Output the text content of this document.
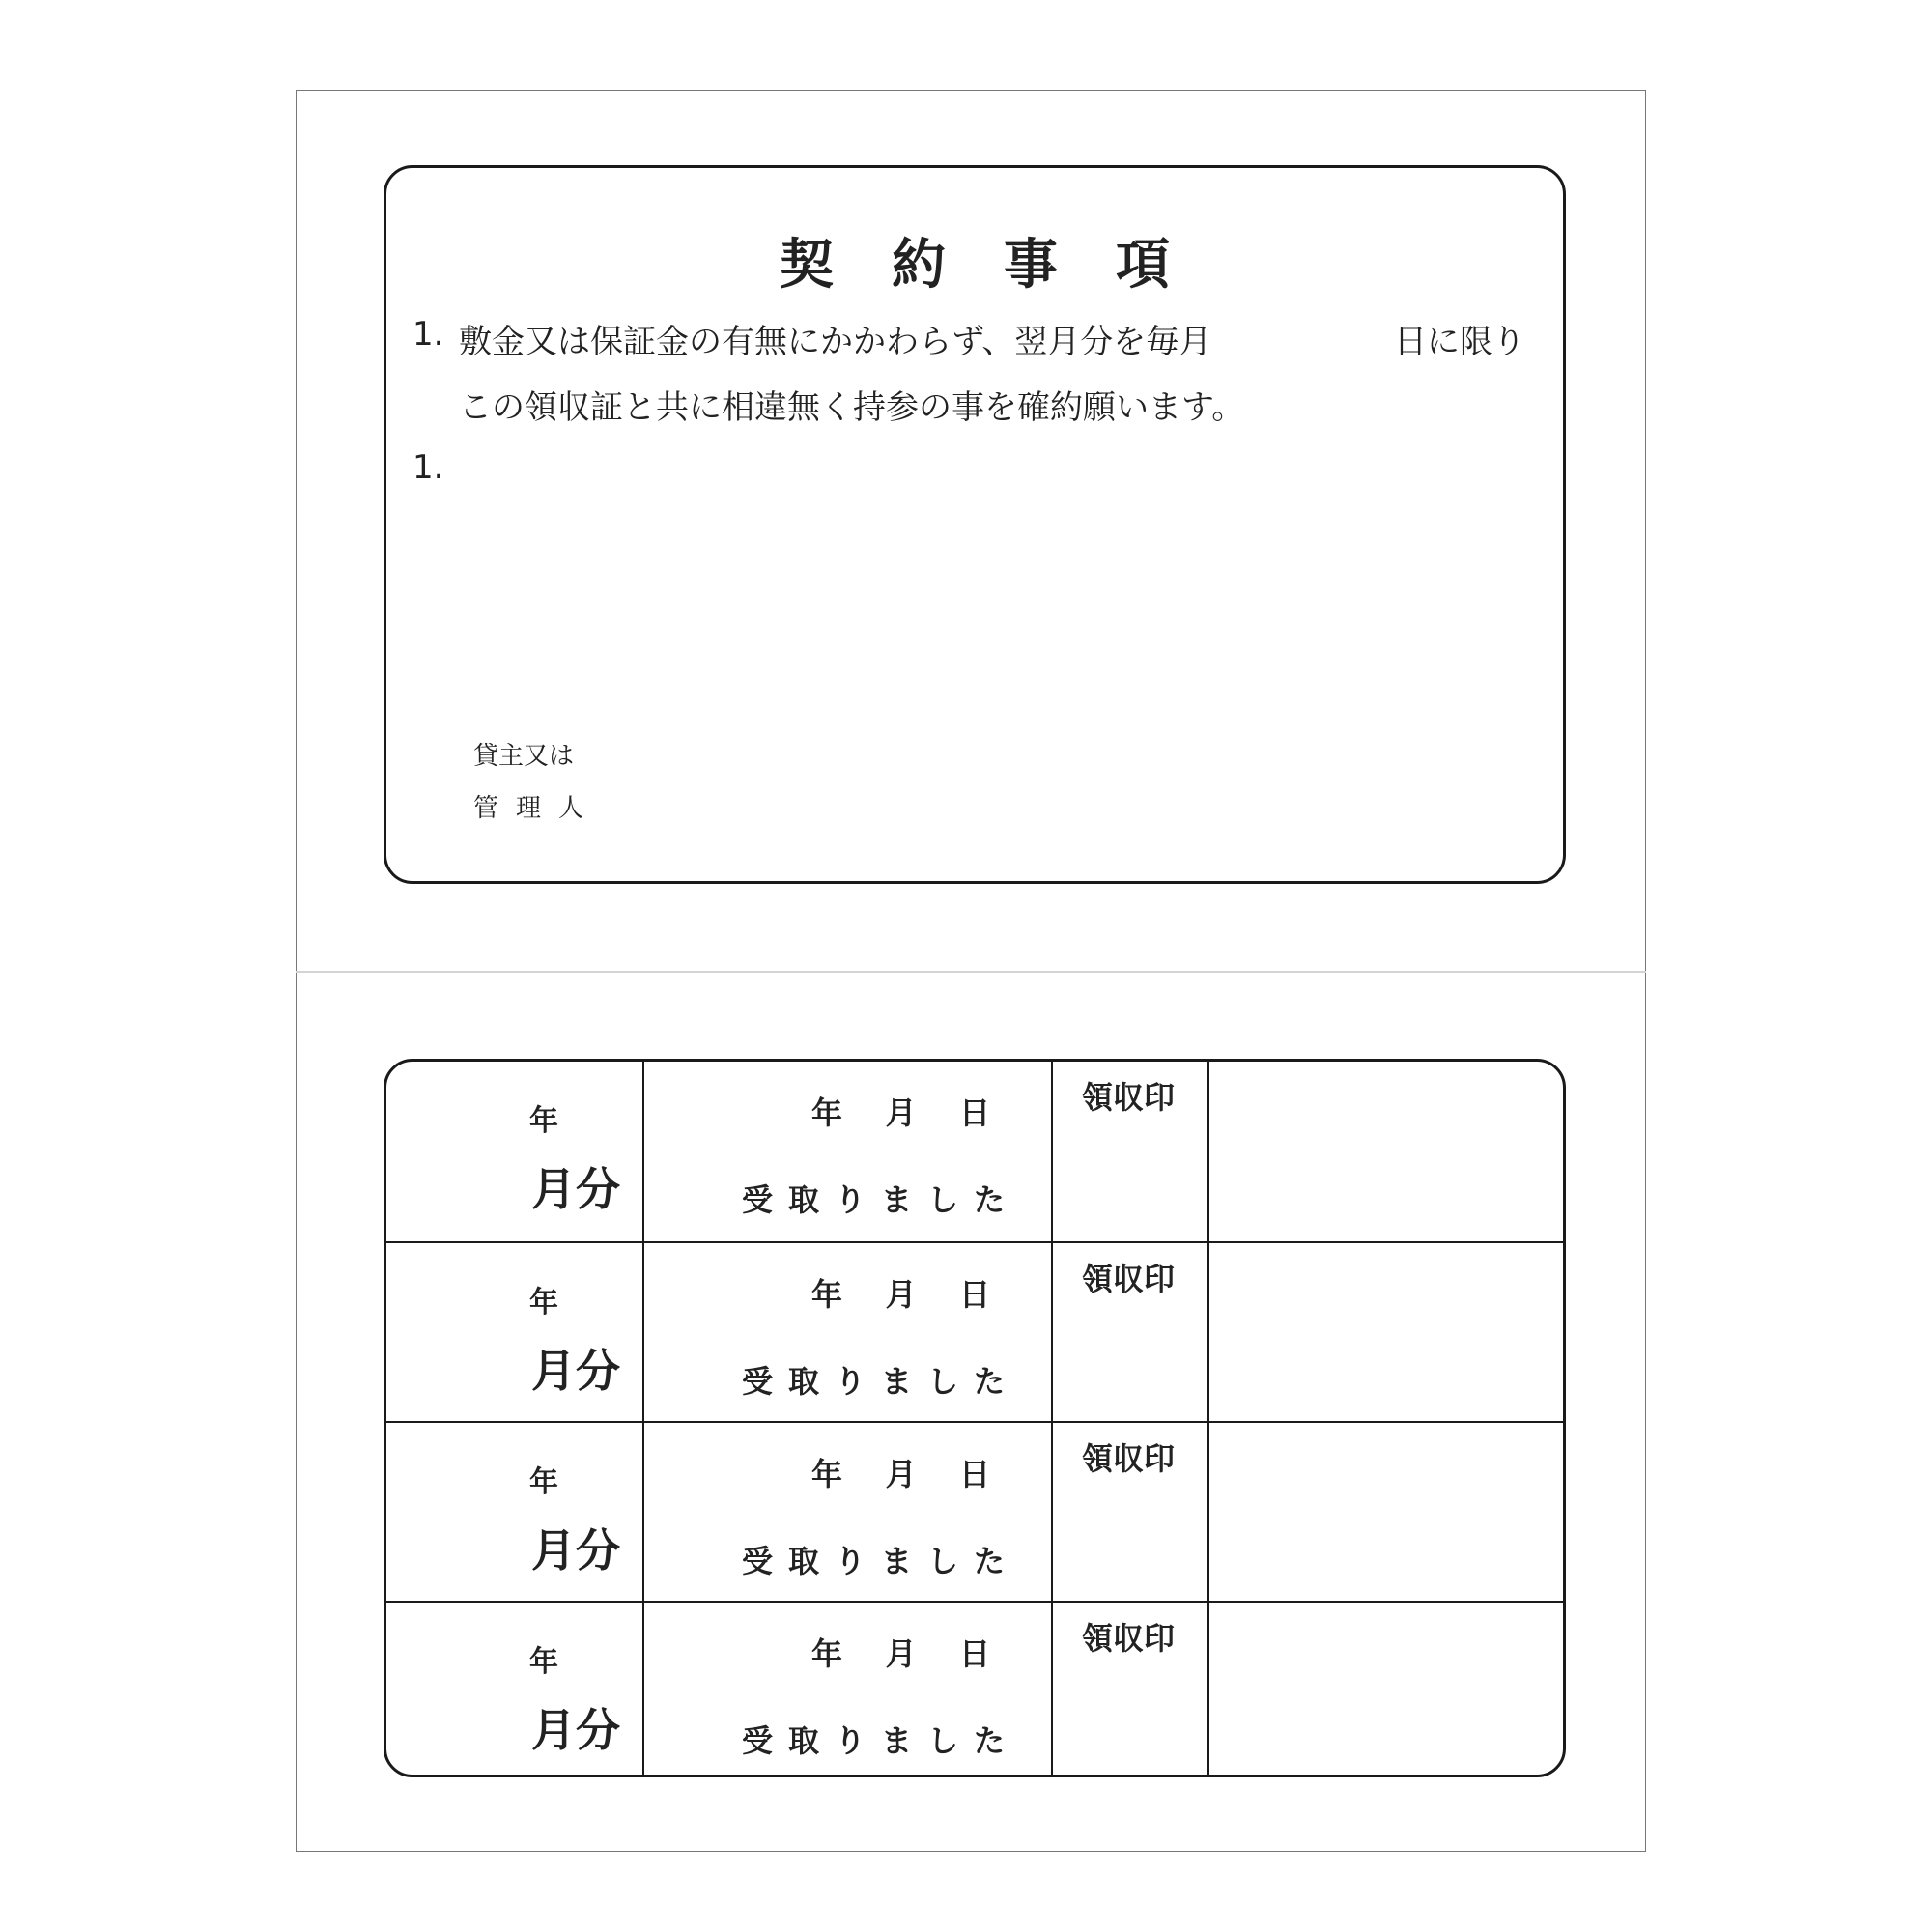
契約事項
1. 敷金又は保証金の有無にかかわらず、翌月分を毎月	日に限り
この領収証と共に相違無く持参の事を確約願います。
1.
貸主又は
管理人
年
月分
年    月    日
受取りました
領収印
年
月分
年    月    日
受取りました
領収印
年
月分
年    月    日
受取りました
領収印
年
月分
年    月    日
受取りました
領収印
